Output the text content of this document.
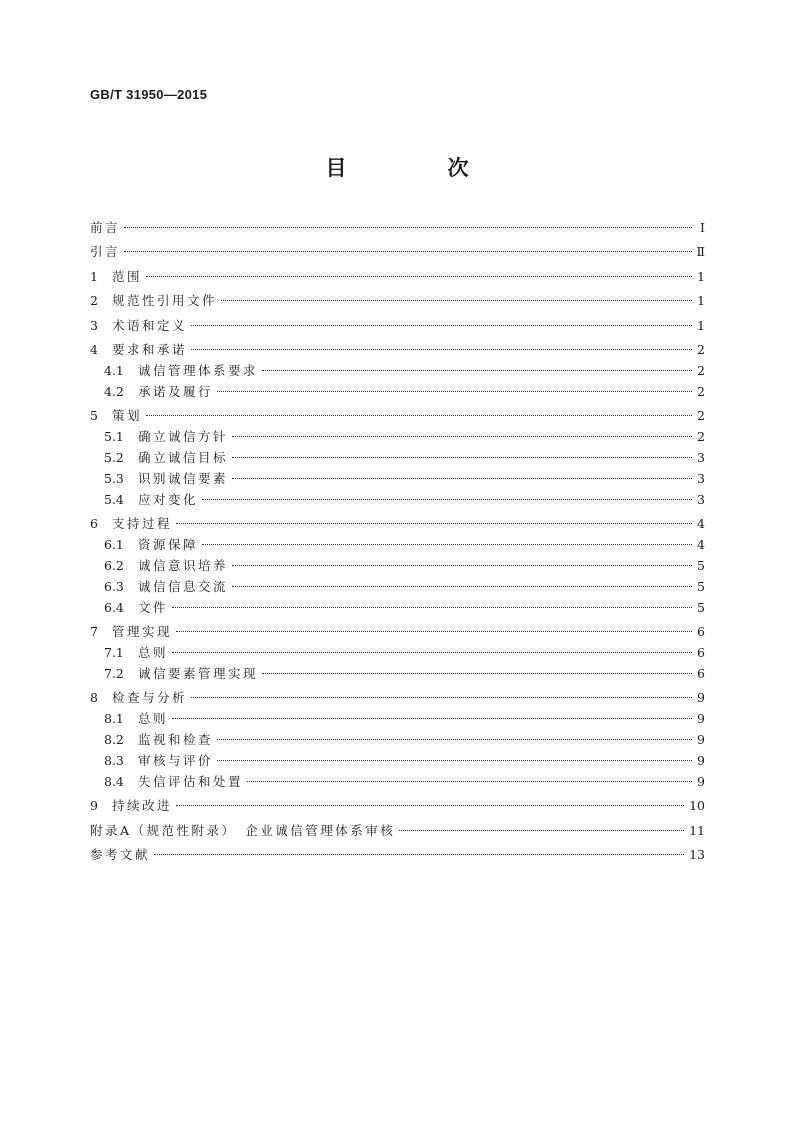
GB/T 31950—2015
目　次
前言	Ⅰ
引言	Ⅱ
1	范围	1
2	规范性引用文件	1
3	术语和定义	1
4	要求和承诺	2
4.1	诚信管理体系要求	2
4.2	承诺及履行	2
5	策划	2
5.1	确立诚信方针	2
5.2	确立诚信目标	3
5.3	识别诚信要素	3
5.4	应对变化	3
6	支持过程	4
6.1	资源保障	4
6.2	诚信意识培养	5
6.3	诚信信息交流	5
6.4	文件	5
7	管理实现	6
7.1	总则	6
7.2	诚信要素管理实现	6
8	检查与分析	9
8.1	总则	9
8.2	监视和检查	9
8.3	审核与评价	9
8.4	失信评估和处置	9
9	持续改进	10
附录A（规范性附录）　企业诚信管理体系审核	11
参考文献	13
